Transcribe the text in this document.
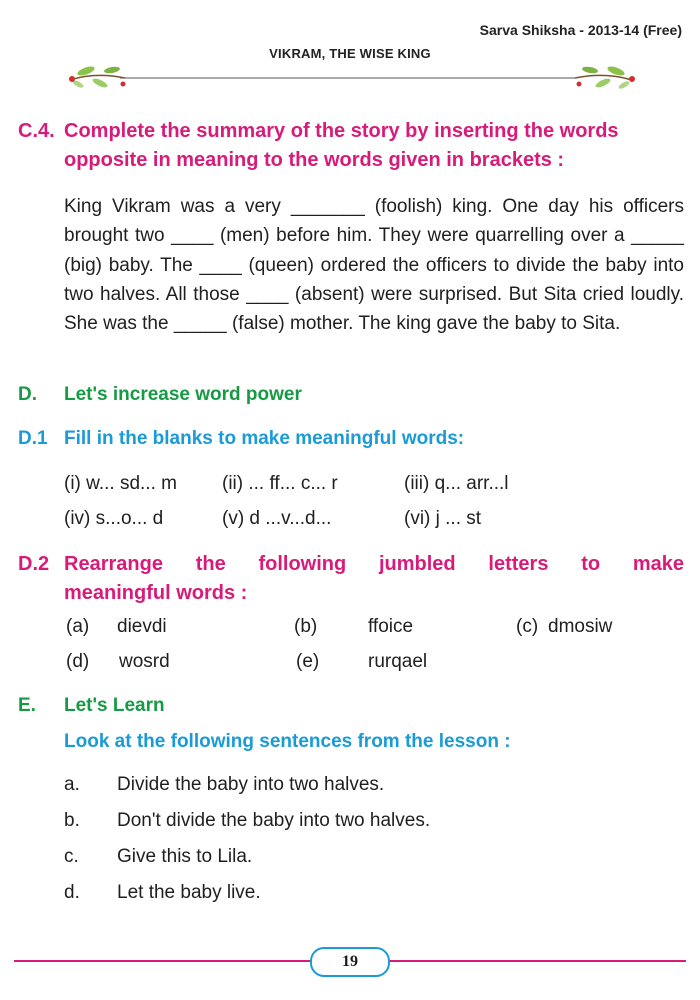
Sarva Shiksha - 2013-14 (Free)
VIKRAM, THE WISE KING
C.4. Complete the summary of the story by inserting the words
opposite in meaning to the words given in brackets :

King Vikram was a very _______ (foolish) king. One day his officers brought two ____ (men) before him. They were quarrelling over a _____ (big) baby. The ____ (queen) ordered the officers to divide the baby into two halves. All those ____ (absent) were surprised. But Sita cried loudly. She was the _____ (false) mother. The king gave the baby to Sita.

D. Let's increase word power
D.1 Fill in the blanks to make meaningful words:
(i) w... sd... m (ii) ... ff... c... r	(iii) q... arr...l
(iv) s...o... d	(v) d ...v...d...	(vi) j ... st
D.2 Rearrange the following jumbled letters to make
meaningful words :
(a) dievdi	(b)	ffoice	(c) dmosiw
(d) wosrd	(e)	rurqael
E. Let's Learn
Look at the following sentences from the lesson :
a. Divide the baby into two halves.
b. Don't divide the baby into two halves.
c. Give this to Lila.
d. Let the baby live.
19
